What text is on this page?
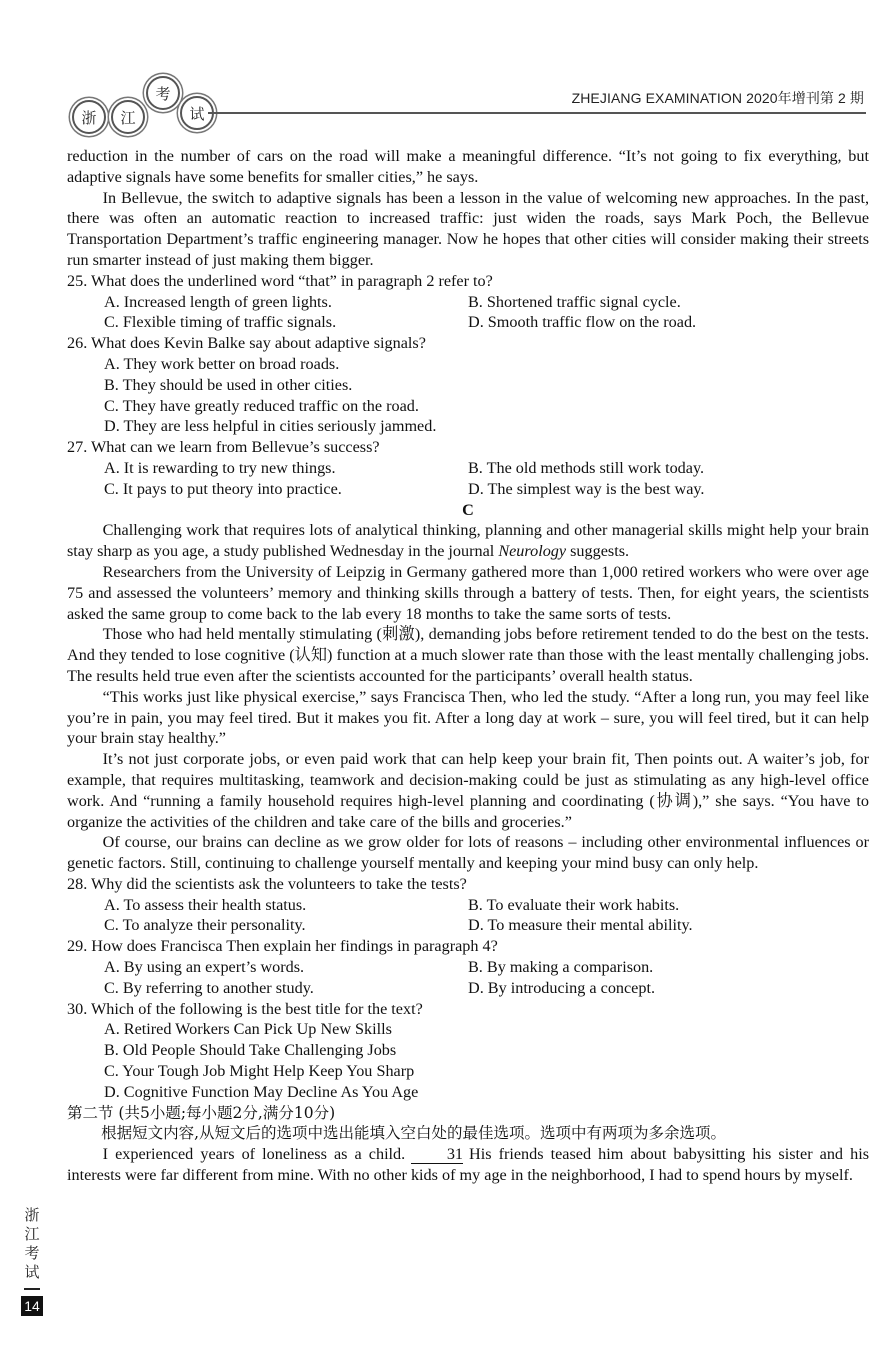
浙	江
考
试
ZHEJIANG EXAMINATION 2020年增刊第 2 期

reduction in the number of cars on the road will make a meaningful difference. “It’s not going to fix everything, but adaptive signals have some benefits for smaller cities,” he says.

In Bellevue, the switch to adaptive signals has been a lesson in the value of welcoming new approaches. In the past, there was often an automatic reaction to increased traffic: just widen the roads, says Mark Poch, the Bellevue Transportation Department’s traffic engineering manager. Now he hopes that other cities will consider making their streets run smarter instead of just making them bigger.

25. What does the underlined word “that” in paragraph 2 refer to?

A. Increased length of green lights.	B. Shortened traffic signal cycle.
C. Flexible timing of traffic signals.	D. Smooth traffic flow on the road.

26. What does Kevin Balke say about adaptive signals?

A. They work better on broad roads.

B. They should be used in other cities.

C. They have greatly reduced traffic on the road.

D. They are less helpful in cities seriously jammed.

27. What can we learn from Bellevue’s success?

A. It is rewarding to try new things.	B. The old methods still work today.
C. It pays to put theory into practice.	D. The simplest way is the best way.

C

Challenging work that requires lots of analytical thinking, planning and other managerial skills might help your brain stay sharp as you age, a study published Wednesday in the journal Neurology suggests.

Researchers from the University of Leipzig in Germany gathered more than 1,000 retired workers who were over age 75 and assessed the volunteers’ memory and thinking skills through a battery of tests. Then, for eight years, the scientists asked the same group to come back to the lab every 18 months to take the same sorts of tests.

Those who had held mentally stimulating (刺激), demanding jobs before retirement tended to do the best on the tests. And they tended to lose cognitive (认知) function at a much slower rate than those with the least mentally challenging jobs. The results held true even after the scientists accounted for the participants’ overall health status.

“This works just like physical exercise,” says Francisca Then, who led the study. “After a long run, you may feel like you’re in pain, you may feel tired. But it makes you fit. After a long day at work – sure, you will feel tired, but it can help your brain stay healthy.”

It’s not just corporate jobs, or even paid work that can help keep your brain fit, Then points out. A waiter’s job, for example, that requires multitasking, teamwork and decision-making could be just as stimulating as any high-level office work. And “running a family household requires high-level planning and coordinating (协调),” she says. “You have to organize the activities of the children and take care of the bills and groceries.”

Of course, our brains can decline as we grow older for lots of reasons – including other environmental influences or genetic factors. Still, continuing to challenge yourself mentally and keeping your mind busy can only help.

28. Why did the scientists ask the volunteers to take the tests?

A. To assess their health status.	B. To evaluate their work habits.
C. To analyze their personality.	D. To measure their mental ability.

29. How does Francisca Then explain her findings in paragraph 4?

A. By using an expert’s words.	B. By making a comparison.
C. By referring to another study.	D. By introducing a concept.

30. Which of the following is the best title for the text?

A. Retired Workers Can Pick Up New Skills

B. Old People Should Take Challenging Jobs

C. Your Tough Job Might Help Keep You Sharp

D. Cognitive Function May Decline As You Age

第二节 (共5小题;每小题2分,满分10分)

根据短文内容,从短文后的选项中选出能填入空白处的最佳选项。选项中有两项为多余选项。

I experienced years of loneliness as a child.	31 His friends teased him about babysitting his sister and his interests were far different from mine. With no other kids of my age in the neighborhood, I had to spend hours by myself.

浙
江
考
试
14
